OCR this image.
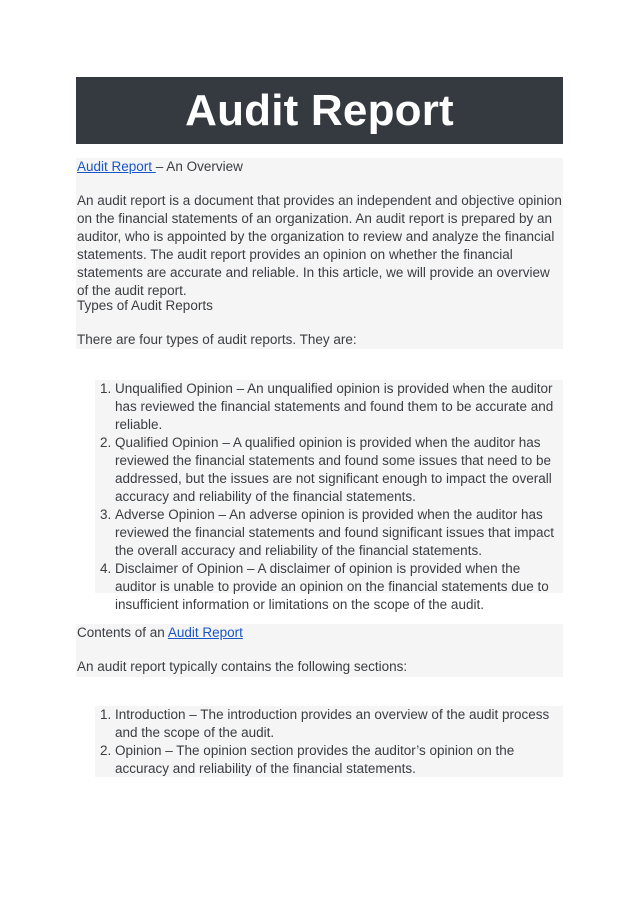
Audit Report

Audit Report – An Overview

An audit report is a document that provides an independent and objective opinion on the financial statements of an organization. An audit report is prepared by an auditor, who is appointed by the organization to review and analyze the financial statements. The audit report provides an opinion on whether the financial statements are accurate and reliable. In this article, we will provide an overview of the audit report.

Types of Audit Reports

There are four types of audit reports. They are:

1. Unqualified Opinion – An unqualified opinion is provided when the auditor has reviewed the financial statements and found them to be accurate and reliable.
2. Qualified Opinion – A qualified opinion is provided when the auditor has reviewed the financial statements and found some issues that need to be addressed, but the issues are not significant enough to impact the overall accuracy and reliability of the financial statements.
3. Adverse Opinion – An adverse opinion is provided when the auditor has reviewed the financial statements and found significant issues that impact the overall accuracy and reliability of the financial statements.
4. Disclaimer of Opinion – A disclaimer of opinion is provided when the auditor is unable to provide an opinion on the financial statements due to insufficient information or limitations on the scope of the audit.

Contents of an Audit Report

An audit report typically contains the following sections:

1. Introduction – The introduction provides an overview of the audit process and the scope of the audit.
2. Opinion – The opinion section provides the auditor’s opinion on the accuracy and reliability of the financial statements.
